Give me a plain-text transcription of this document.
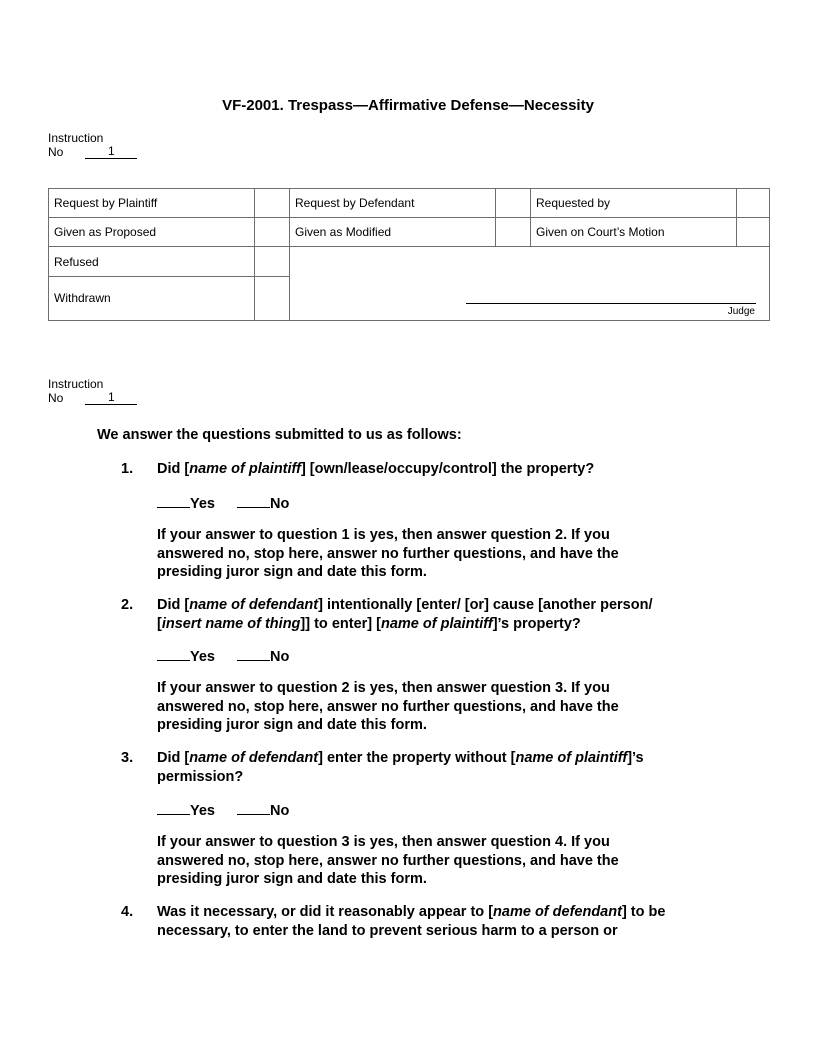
VF-2001. Trespass—Affirmative Defense—Necessity
Instruction
No	1
Request by Plaintiff		Request by Defendant		Requested by	
Given as Proposed		Given as Modified		Given on Court’s Motion	
Refused		Judge			

Withdrawn					
Instruction
No	1
We answer the questions submitted to us as follows:
1. Did [name of plaintiff] [own/lease/occupy/control] the property?
Yes	No
If your answer to question 1 is yes, then answer question 2. If you
answered no, stop here, answer no further questions, and have the
presiding juror sign and date this form.
2. Did [name of defendant] intentionally [enter/ [or] cause [another person/
[insert name of thing]] to enter] [name of plaintiff]’s property?
Yes	No
If your answer to question 2 is yes, then answer question 3. If you
answered no, stop here, answer no further questions, and have the
presiding juror sign and date this form.
3. Did [name of defendant] enter the property without [name of plaintiff]’s
permission?
Yes	No
If your answer to question 3 is yes, then answer question 4. If you
answered no, stop here, answer no further questions, and have the
presiding juror sign and date this form.
4. Was it necessary, or did it reasonably appear to [name of defendant] to be
necessary, to enter the land to prevent serious harm to a person or
